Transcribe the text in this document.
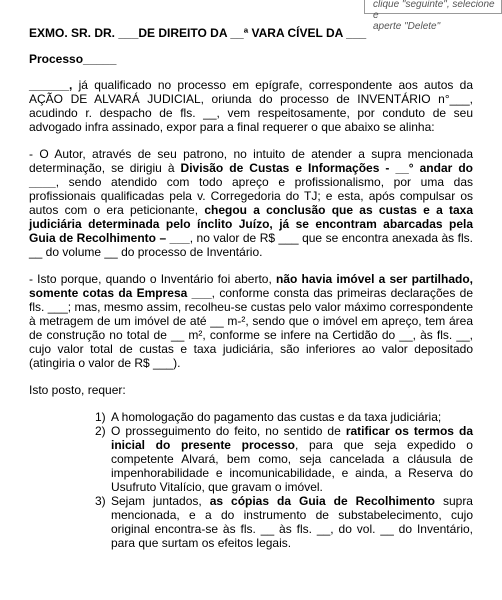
clique "seguinte", selecione e
aperte "Delete"
EXMO. SR. DR. ___DE DIREITO DA __ª VARA CÍVEL DA ___
Processo_____

______, já qualificado no processo em epígrafe, correspondente aos autos da AÇÃO DE ALVARÁ JUDICIAL, oriunda do processo de INVENTÁRIO n°___, acudindo r. despacho de fls. __, vem respeitosamente, por conduto de seu advogado infra assinado, expor para a final requerer o que abaixo se alinha:

- O Autor, através de seu patrono, no intuito de atender a supra mencionada determinação, se dirigiu à Divisão de Custas e Informações - __° andar do ____, sendo atendido com todo apreço e profissionalismo, por uma das profissionais qualificadas pela v. Corregedoria do TJ; e esta, após compulsar os autos com o era peticionante, chegou a conclusão que as custas e a taxa judiciária determinada pelo ínclito Juízo, já se encontram abarcadas pela Guia de Recolhimento – ___, no valor de R$ ___ que se encontra anexada às fls. __ do volume __ do processo de Inventário.

- Isto porque, quando o Inventário foi aberto, não havia imóvel a ser partilhado, somente cotas da Empresa ___, conforme consta das primeiras declarações de fls. ___; mas, mesmo assim, recolheu-se custas pelo valor máximo correspondente à metragem de um imóvel de até __ m-², sendo que o imóvel em apreço, tem área de construção no total de __ m², conforme se infere na Certidão do __, às fls. __, cujo valor total de custas e taxa judiciária, são inferiores ao valor depositado (atingiria o valor de R$ ___).

Isto posto, requer:

1) A homologação do pagamento das custas e da taxa judiciária;
2) O prosseguimento do feito, no sentido de ratificar os termos da inicial do presente processo, para que seja expedido o competente Alvará, bem como, seja cancelada a cláusula de impenhorabilidade e incomunicabilidade, e ainda, a Reserva do Usufruto Vitalício, que gravam o imóvel.
3) Sejam juntados, as cópias da Guia de Recolhimento supra mencionada, e a do instrumento de substabelecimento, cujo original encontra-se às fls. __ às fls. __, do vol. __ do Inventário, para que surtam os efeitos legais.
